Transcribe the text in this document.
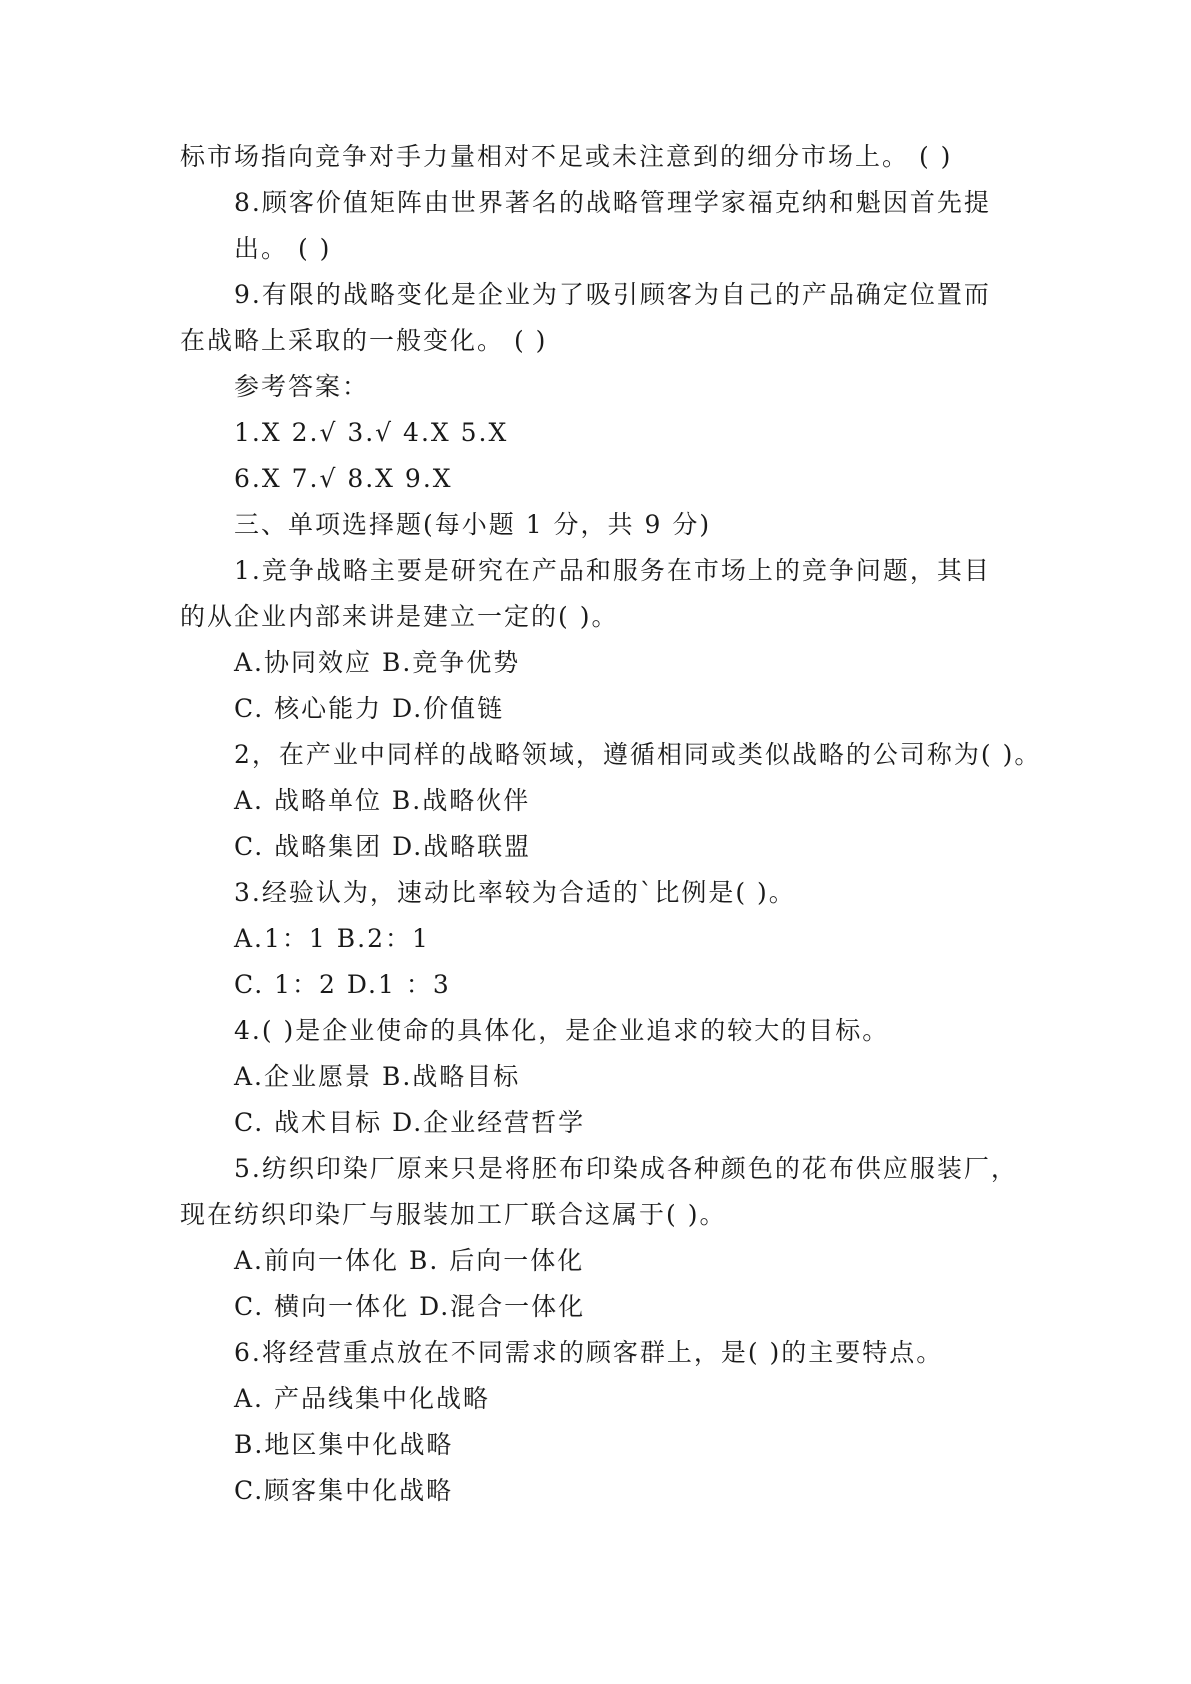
标市场指向竞争对手力量相对不足或未注意到的细分市场上。 ( )
8.顾客价值矩阵由世界著名的战略管理学家福克纳和魁因首先提
出。 ( )
9.有限的战略变化是企业为了吸引顾客为自己的产品确定位置而
在战略上采取的一般变化。 ( )
参考答案：
1.X 2.√ 3.√ 4.X 5.X
6.X 7.√ 8.X 9.X
三、单项选择题(每小题 1 分，共 9 分)
1.竞争战略主要是研究在产品和服务在市场上的竞争问题，其目
的从企业内部来讲是建立一定的( )。
A.协同效应 B.竞争优势
C. 核心能力 D.价值链
2，在产业中同样的战略领域，遵循相同或类似战略的公司称为( )。
A. 战略单位 B.战略伙伴
C. 战略集团 D.战略联盟
3.经验认为，速动比率较为合适的`比例是( )。
A.1：1 B.2：1
C. 1：2 D.1 ：3
4.( )是企业使命的具体化，是企业追求的较大的目标。
A.企业愿景 B.战略目标
C. 战术目标 D.企业经营哲学
5.纺织印染厂原来只是将胚布印染成各种颜色的花布供应服装厂，
现在纺织印染厂与服装加工厂联合这属于( )。
A.前向一体化 B. 后向一体化
C. 横向一体化 D.混合一体化
6.将经营重点放在不同需求的顾客群上，是( )的主要特点。
A. 产品线集中化战略
B.地区集中化战略
C.顾客集中化战略
